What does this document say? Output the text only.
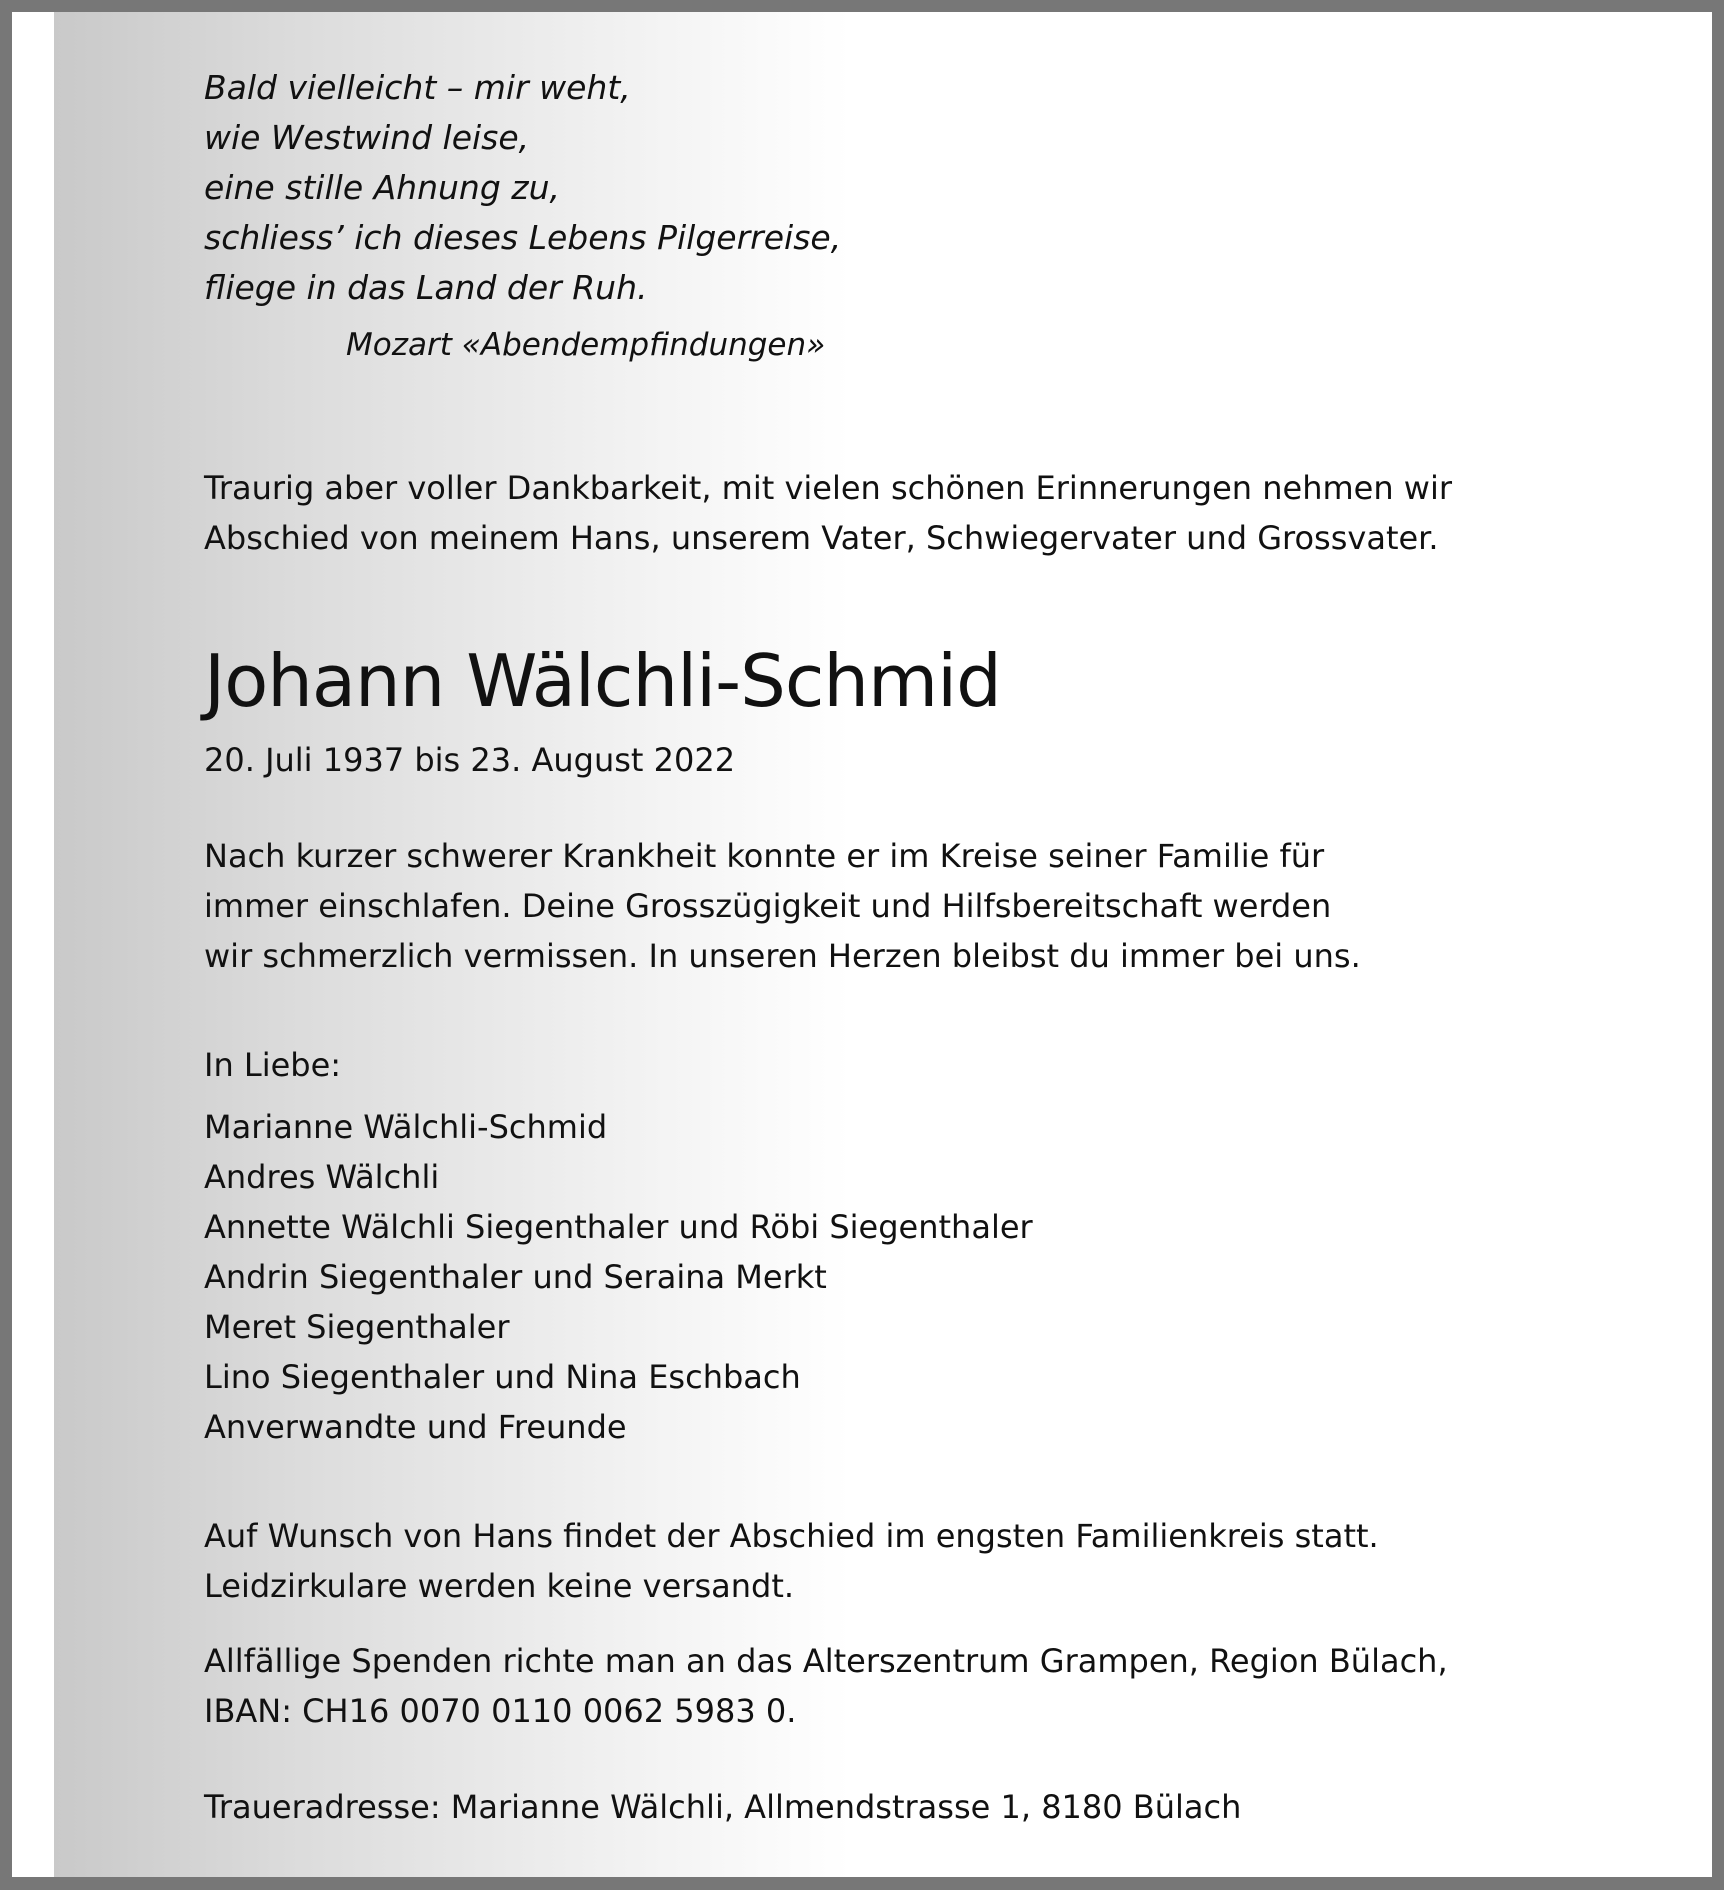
Bald vielleicht – mir weht,
wie Westwind leise,
eine stille Ahnung zu,
schliess’ ich dieses Lebens Pilgerreise,
fliege in das Land der Ruh.
Mozart «Abendempfindungen»
Traurig aber voller Dankbarkeit, mit vielen schönen Erinnerungen nehmen wir
Abschied von meinem Hans, unserem Vater, Schwiegervater und Grossvater.
Johann Wälchli-Schmid
20. Juli 1937 bis 23. August 2022
Nach kurzer schwerer Krankheit konnte er im Kreise seiner Familie für
immer einschlafen. Deine Grosszügigkeit und Hilfsbereitschaft werden
wir schmerzlich vermissen. In unseren Herzen bleibst du immer bei uns.
In Liebe:
Marianne Wälchli-Schmid
Andres Wälchli
Annette Wälchli Siegenthaler und Röbi Siegenthaler
Andrin Siegenthaler und Seraina Merkt
Meret Siegenthaler
Lino Siegenthaler und Nina Eschbach
Anverwandte und Freunde
Auf Wunsch von Hans findet der Abschied im engsten Familienkreis statt.
Leidzirkulare werden keine versandt.
Allfällige Spenden richte man an das Alterszentrum Grampen, Region Bülach,
IBAN: CH16 0070 0110 0062 5983 0.
Traueradresse: Marianne Wälchli, Allmendstrasse 1, 8180 Bülach
